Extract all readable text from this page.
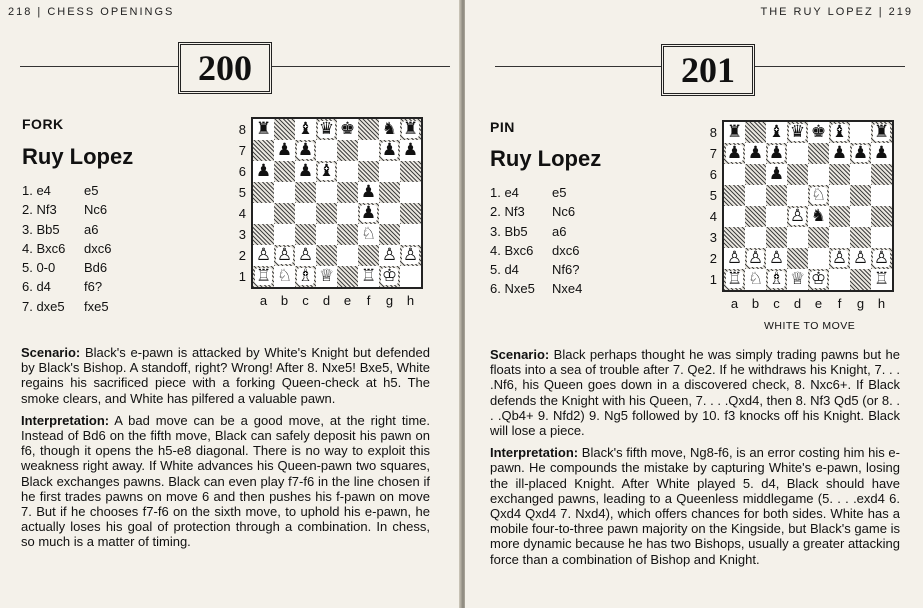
218 | CHESS OPENINGS
200
FORK
Ruy Lopez
1. e4	e5
2. Nf3	Nc6
3. Bb5	a6
4. Bxc6	dxc6
5. 0-0	Bd6
6. d4	f6?
7. dxe5	fxe5
8
7
6
5
4
3
2
1
♜ ♝ ♛ ♚ ♞ ♜
♟ ♟	♟ ♟
♟ ♟ ♝
♟
♟
♘
♙ ♙ ♙	♙ ♙
♖ ♘ ♗ ♕ ♖ ♔
a	b	c	d	e	f	g	h

Scenario: Black's e-pawn is attacked by White's Knight but defended by Black's Bishop. A standoff, right? Wrong! After 8. Nxe5! Bxe5, White regains his sacrificed piece with a forking Queen-check at h5. The smoke clears, and White has pilfered a valuable pawn.

Interpretation: A bad move can be a good move, at the right time. Instead of Bd6 on the fifth move, Black can safely deposit his pawn on f6, though it opens the h5-e8 diagonal. There is no way to exploit this weakness right away. If White advances his Queen-pawn two squares, Black exchanges pawns. Black can even play f7-f6 in the line chosen if he first trades pawns on move 6 and then pushes his f-pawn on move 7. But if he chooses f7-f6 on the sixth move, to uphold his e-pawn, he actually loses his goal of protection through a combination. In chess, so much is a matter of timing.

THE RUY LOPEZ | 219
201
PIN
Ruy Lopez
1. e4	e5
2. Nf3	Nc6
3. Bb5	a6
4. Bxc6	dxc6
5. d4	Nf6?
6. Nxe5	Nxe4
8
7
6
5
4
3
2
1
♜ ♝ ♛ ♚ ♝ ♜
♟ ♟ ♟	♟ ♟ ♟
♟
♘
♙ ♞
♙ ♙ ♙	♙ ♙ ♙
♖ ♘ ♗ ♕ ♔	♖
a	b	c	d	e	f	g	h
WHITE TO MOVE

Scenario: Black perhaps thought he was simply trading pawns but he floats into a sea of trouble after 7. Qe2. If he withdraws his Knight, 7. . . .Nf6, his Queen goes down in a discovered check, 8. Nxc6+. If Black defends the Knight with his Queen, 7. . . .Qxd4, then 8. Nf3 Qd5 (or 8. . . .Qb4+ 9. Nfd2) 9. Ng5 followed by 10. f3 knocks off his Knight. Black will lose a piece.

Interpretation: Black's fifth move, Ng8-f6, is an error costing him his e-pawn. He compounds the mistake by capturing White's e-pawn, losing the ill-placed Knight. After White played 5. d4, Black should have exchanged pawns, leading to a Queenless middlegame (5. . . .exd4 6. Qxd4 Qxd4 7. Nxd4), which offers chances for both sides. White has a mobile four-to-three pawn majority on the Kingside, but Black's game is more dynamic because he has two Bishops, usually a greater attacking force than a combination of Bishop and Knight.
